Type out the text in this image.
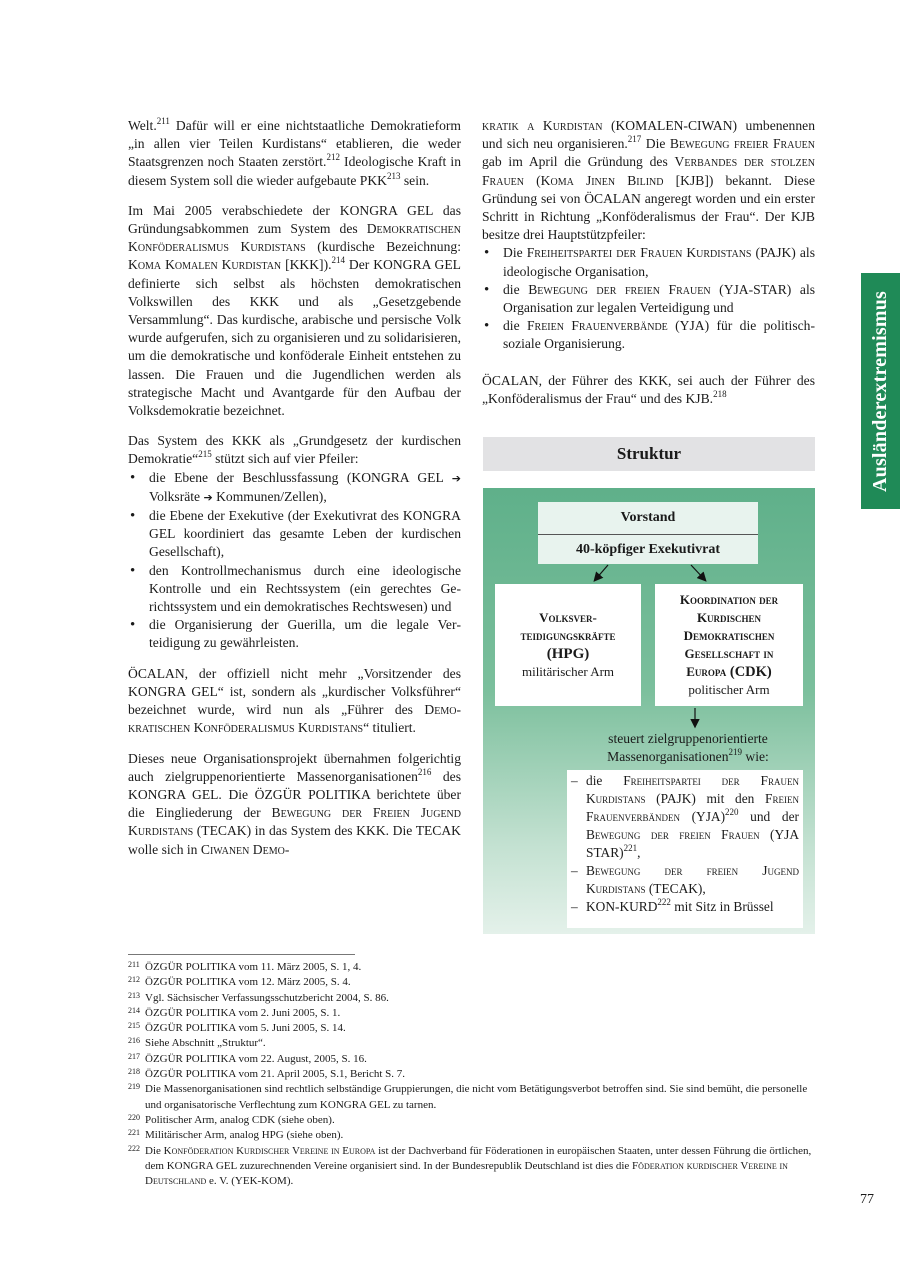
Ausländerextremismus

Welt.$^{211}$ Dafür will er eine nichtstaatliche Demokratieform „in allen vier Teilen Kurdistans“ etablieren, die weder Staatsgrenzen noch Staaten zerstört.$^{212}$ Ideologische Kraft in diesem System soll die wieder aufgebaute PKK$^{213}$ sein.

Im Mai 2005 verabschiedete der KONGRA GEL das Gründungsabkommen zum System des Demokratischen Konföderalismus Kurdistans (kurdische Bezeichnung: Koma Komalen Kurdistan [KKK]).$^{214}$ Der KONGRA GEL definierte sich selbst als höchsten demokratischen Volkswillen des KKK und als „Gesetzgebende Versammlung“. Das kurdische, arabische und persische Volk wurde aufgerufen, sich zu organisieren und zu solidarisieren, um die demokratische und konföderale Einheit entstehen zu lassen. Die Frauen und die Jugendlichen werden als strategische Macht und Avantgarde für den Aufbau der Volksdemokratie bezeichnet.

Das System des KKK als „Grundgesetz der kurdischen Demokratie“$^{215}$ stützt sich auf vier Pfeiler:

• die Ebene der Beschlussfassung (KONGRA GEL ➔ Volksräte ➔ Kommunen/Zellen),
• die Ebene der Exekutive (der Exekutivrat des KONGRA GEL koordiniert das gesamte Leben der kurdischen Gesellschaft),
• den Kontrollmechanismus durch eine ideologische Kontrolle und ein Rechtssystem (ein gerechtes Gerichtssystem und ein demokratisches Rechtswesen) und
• die Organisierung der Guerilla, um die legale Verteidigung zu gewährleisten.

ÖCALAN, der offiziell nicht mehr „Vorsitzender des KONGRA GEL“ ist, sondern als „kurdischer Volksführer“ bezeichnet wurde, wird nun als „Führer des Demokratischen Konföderalismus Kurdistans“ tituliert.

Dieses neue Organisationsprojekt übernahmen folgerichtig auch zielgruppenorientierte Massenorganisationen$^{216}$ des KONGRA GEL. Die ÖZGÜR POLITIKA berichtete über die Eingliederung der Bewegung der Freien Jugend Kurdistans (TECAK) in das System des KKK. Die TECAK wolle sich in Ciwanen Demo-

kratik a Kurdistan (KOMALEN-CIWAN) umbenennen und sich neu organisieren.$^{217}$ Die Bewegung freier Frauen gab im April die Gründung des Verbandes der stolzen Frauen (Koma Jinen Bilind [KJB]) bekannt. Diese Gründung sei von ÖCALAN angeregt worden und ein erster Schritt in Richtung „Konföderalismus der Frau“. Der KJB besitze drei Hauptstützpfeiler:

• Die Freiheitspartei der Frauen Kurdistans (PAJK) als ideologische Organisation,
• die Bewegung der freien Frauen (YJA-STAR) als Organisation zur legalen Verteidigung und
• die Freien Frauenverbände (YJA) für die politisch-soziale Organisierung.

ÖCALAN, der Führer des KKK, sei auch der Führer des „Konföderalismus der Frau“ und des KJB.$^{218}$

Struktur
Vorstand
40-köpfiger Exekutivrat
Volksver-
teidigungskräfte
(HPG)
militärischer Arm
Koordination der
Kurdischen
Demokratischen
Gesellschaft in
Europa (CDK)
politischer Arm
steuert zielgruppenorientierte
Massenorganisationen$^{219}$ wie:
– die Freiheitspartei der Frauen Kurdistans (PAJK) mit den Freien Frauenverbänden (YJA)$^{220}$ und der Bewegung der freien Frauen (YJA STAR)$^{221}$,
– Bewegung der freien Jugend Kurdistans (TECAK),
– KON-KURD$^{222}$ mit Sitz in Brüssel
211 ÖZGÜR POLITIKA vom 11. März 2005, S. 1, 4.
212 ÖZGÜR POLITIKA vom 12. März 2005, S. 4.
213 Vgl. Sächsischer Verfassungsschutzbericht 2004, S. 86.
214 ÖZGÜR POLITIKA vom 2. Juni 2005, S. 1.
215 ÖZGÜR POLITIKA vom 5. Juni 2005, S. 14.
216 Siehe Abschnitt „Struktur“.
217 ÖZGÜR POLITIKA vom 22. August, 2005, S. 16.
218 ÖZGÜR POLITIKA vom 21. April 2005, S.1, Bericht S. 7.
219 Die Massenorganisationen sind rechtlich selbständige Gruppierungen, die nicht vom Betätigungsverbot betroffen sind. Sie sind bemüht, die personelle und organisatorische Verflechtung zum KONGRA GEL zu tarnen.
220 Politischer Arm, analog CDK (siehe oben).
221 Militärischer Arm, analog HPG (siehe oben).
222 Die Konföderation Kurdischer Vereine in Europa ist der Dachverband für Föderationen in europäischen Staaten, unter dessen Führung die örtlichen, dem KONGRA GEL zuzurechnenden Vereine organisiert sind. In der Bundesrepublik Deutschland ist dies die Föderation kurdischer Vereine in Deutschland e. V. (YEK-KOM).
77
